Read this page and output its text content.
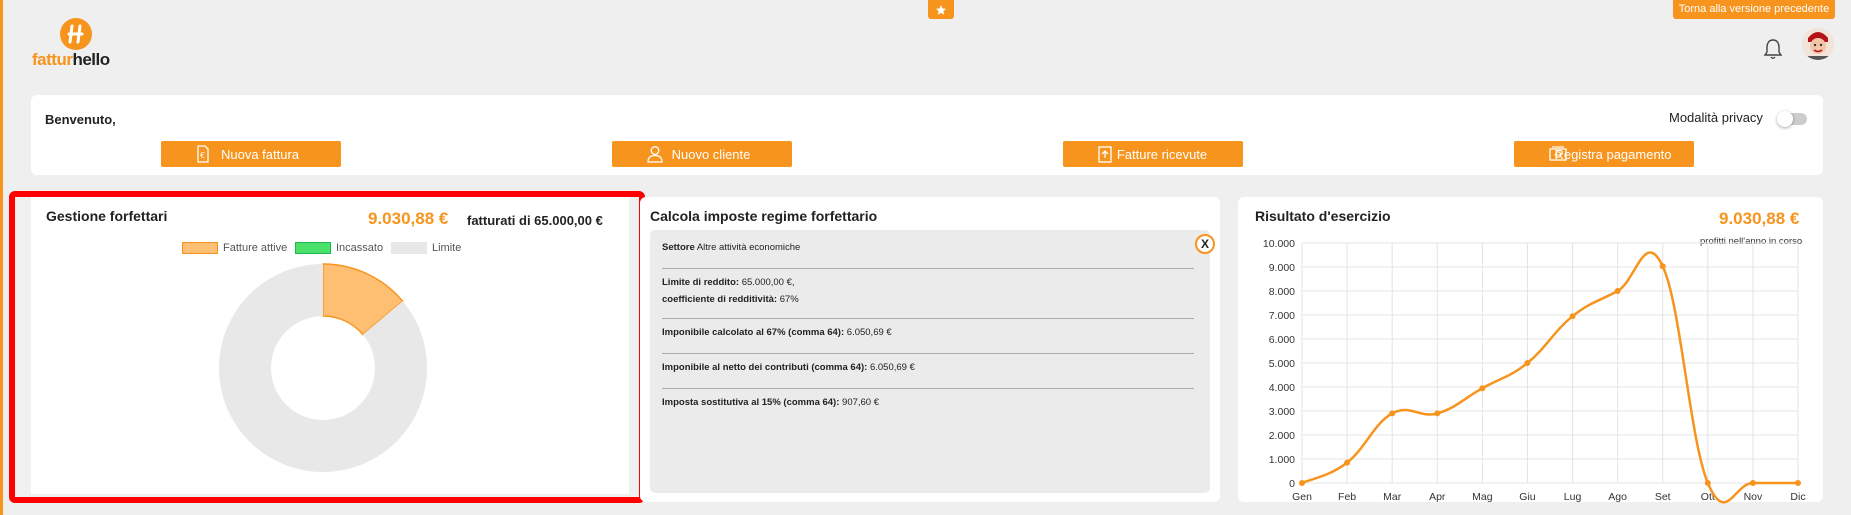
fatturhello
Torna alla versione precedente
Benvenuto,	Modalità privacy
€ Nuova fattura	Nuovo cliente	Fatture ricevute	Registra pagamento
Gestione forfettari	9.030,88 € fatturati di 65.000,00 €
Fatture attive	Incassato	Limite
Calcola imposte regime forfettario
X
Settore Altre attività economiche
Limite di reddito: 65.000,00 €,
coefficiente di redditività: 67%
Imponibile calcolato al 67% (comma 64): 6.050,69 €
Imponibile al netto dei contributi (comma 64): 6.050,69 €
Imposta sostitutiva al 15% (comma 64): 907,60 €
Risultato d'esercizio	9.030,88 €
profitti nell'anno in corso
0
1.000
2.000
3.000
4.000
5.000
6.000
7.000
8.000
9.000
10.000
Gen Feb	Mar	Apr	Mag	Giu	Lug	Ago	Set	Ott	Nov	Dic
